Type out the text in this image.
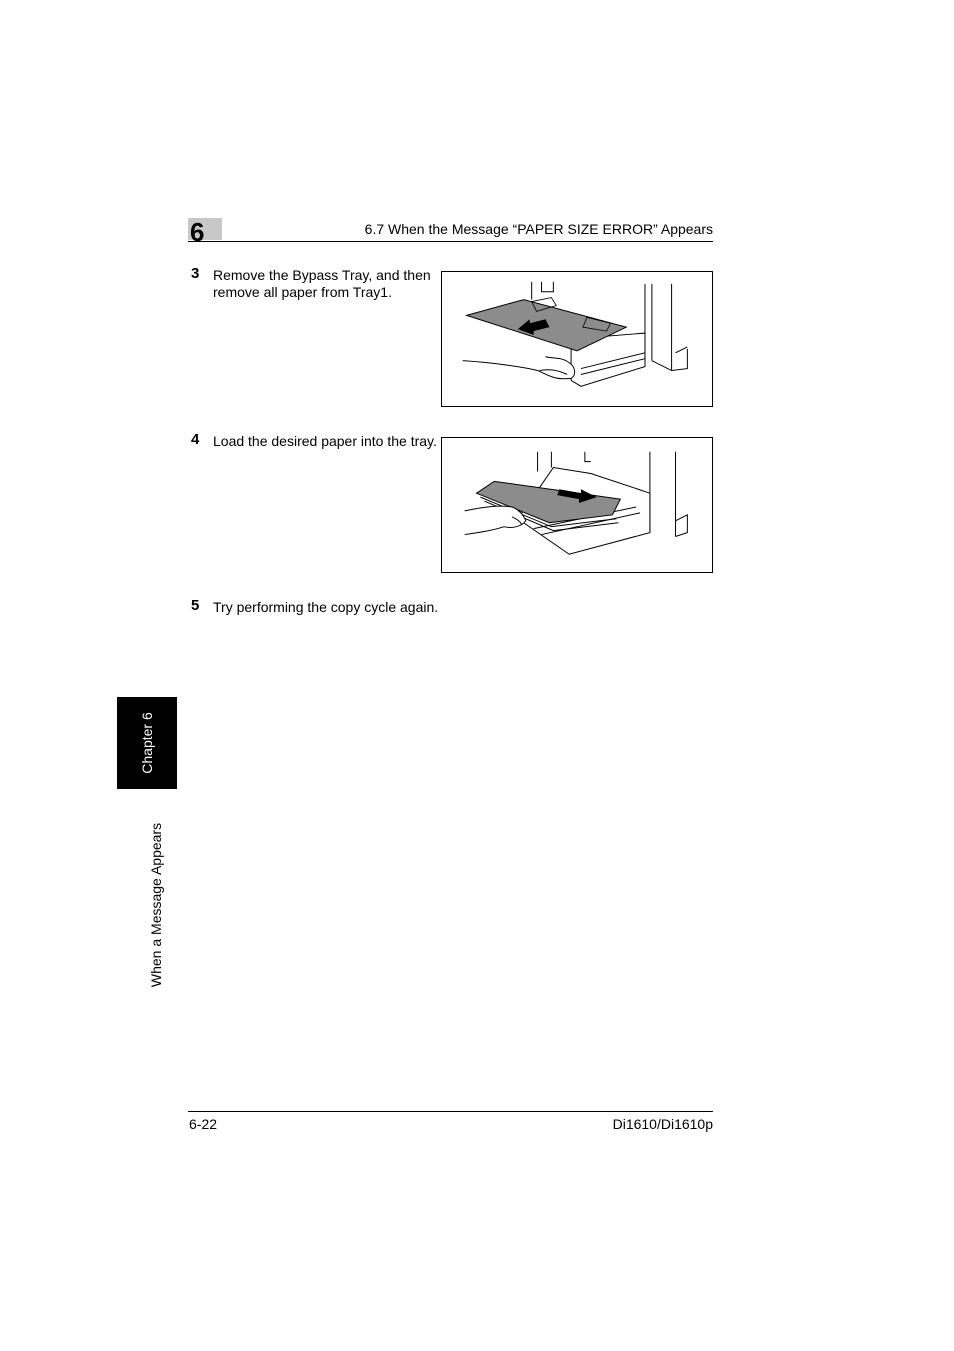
6	6.7 When the Message “PAPER SIZE ERROR” Appears
3 Remove the Bypass Tray, and then remove all paper from Tray1.
4 Load the desired paper into the tray.
5 Try performing the copy cycle again.
Chapter 6
When a Message Appears
6-22	Di1610/Di1610p
